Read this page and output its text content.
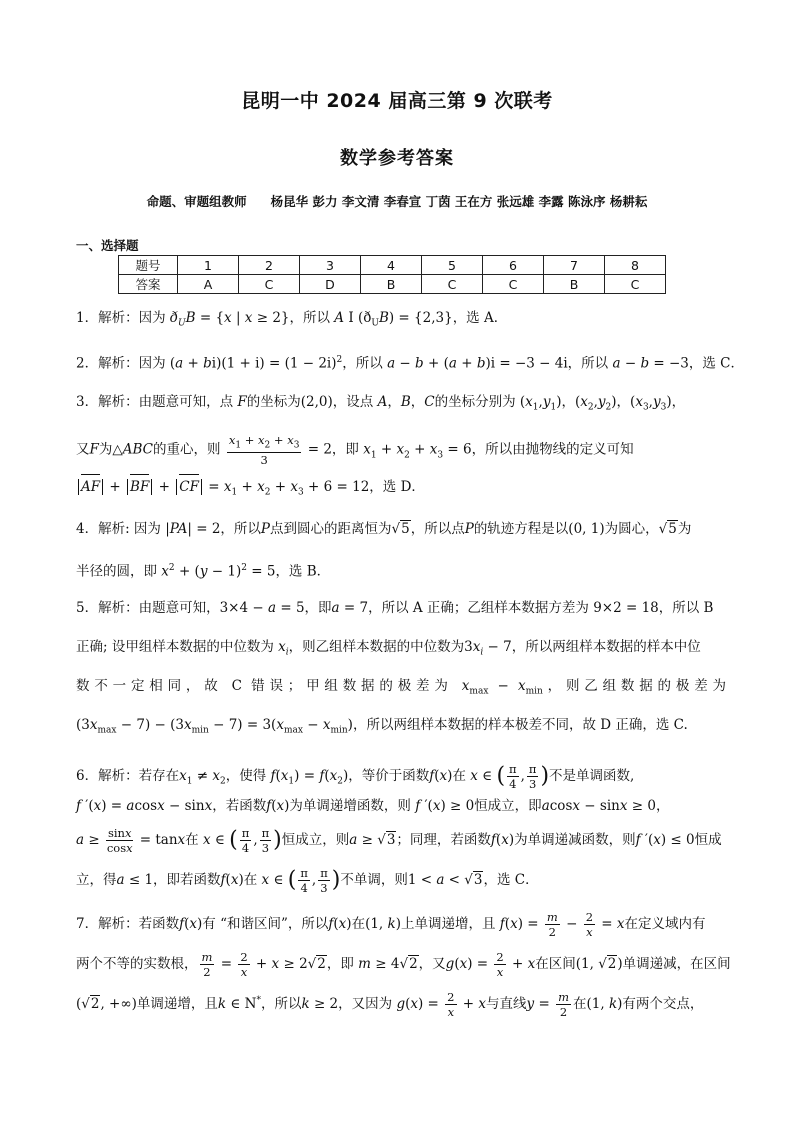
昆明一中 2024 届高三第 9 次联考
数学参考答案
命题、审题组教师 杨昆华 彭力 李文清 李春宣 丁茵 王在方 张远雄 李露 陈泳序 杨耕耘
一、选择题
题号	1	2	3	4	5	6	7	8
答案	A	C	D	B	C	C	B	C
1．解析：因为 $ð_UB = \{x$ | x ≥ 2}，所以 A I $(ð_UB) = \{2,3\}$，选 A．
2．解析：因为 $(a + bi)(1 + i) = (1 - 2i)^2$，所以 a − b + (a + b)i = −3 − 4i，所以 a − b = −3，选 C．
3．解析：由题意可知，点 F的坐标为(2,0)，设点 A，B，C的坐标分别为 $(x_1,y_1)$，$(x_2,y_2)$，$(x_3,y_3)$，
又F为△ABC的重心，则 $\frac{x_1 + x_2 + x_3}{3} = 2$，即 $x_1 + x_2 + x_3 = 6$，所以由抛物线的定义可知
AF + BF + CF = $x_1 + x_2 + x_3 + 6 = 12$，选 D．
4．解析: 因为 |PA| = 2，所以P点到圆心的距离恒为√5，所以点P的轨迹方程是以(0, 1)为圆心，√5为
半径的圆，即 $x^2 + (y - 1)^2 = 5$，选 B．
5．解析：由题意可知，3×4 − a = 5，即a = 7，所以 A 正确；乙组样本数据方差为 9×2 = 18，所以 B
正确; 设甲组样本数据的中位数为 $x_i$，则乙组样本数据的中位数为$3x_i - 7$，所以两组样本数据的样本中位
数不一定相同，故 C 错误；甲组数据的极差为 $x_{max} - x_{min}$，则乙组数据的极差为
$(3x_{max} - 7) - (3x_{min} - 7) = 3(x_{max} - x_{min})$，所以两组样本数据的样本极差不同，故 D 正确，选 C.
6．解析：若存在$x_1 \ne x_2$，使得 $f(x_1) = f(x_2)$，等价于函数f(x)在 x ∈ ( $\frac{\pi}{4}$ , $\frac{\pi}{3}$ )不是单调函数,
f ′(x) = acosx − sinx，若函数f(x)为单调递增函数，则 f ′(x) ≥ 0恒成立，即acosx − sinx ≥ 0，
$a \ge \frac{\sin x}{\cos x} = \tan x$在 x ∈ ( $\frac{\pi}{4}$ , $\frac{\pi}{3}$ )恒成立，则a ≥ √3；同理，若函数f(x)为单调递减函数，则f ′(x) ≤ 0恒成
立，得a ≤ 1，即若函数f(x)在 x ∈ ( $\frac{\pi}{4}$ , $\frac{\pi}{3}$ )不单调，则1 < a < √3，选 C．
7．解析：若函数f(x)有 “和谐区间”，所以f(x)在(1, k)上单调递增，且 $f(x) = \frac{m}{2} - \frac{2}{x} = x$在定义域内有
两个不等的实数根， $\frac{m}{2} = \frac{2}{x} + x \ge 2√2$，即 m ≥ 4√2，又$g(x) = \frac{2}{x} + x$在区间(1, √2)单调递减，在区间
(√2, +∞)单调递增，且k ∈ N*，所以k ≥ 2，又因为 $g(x) = \frac{2}{x} + x$与直线$y = \frac{m}{2}$ 在(1, k)有两个交点，
